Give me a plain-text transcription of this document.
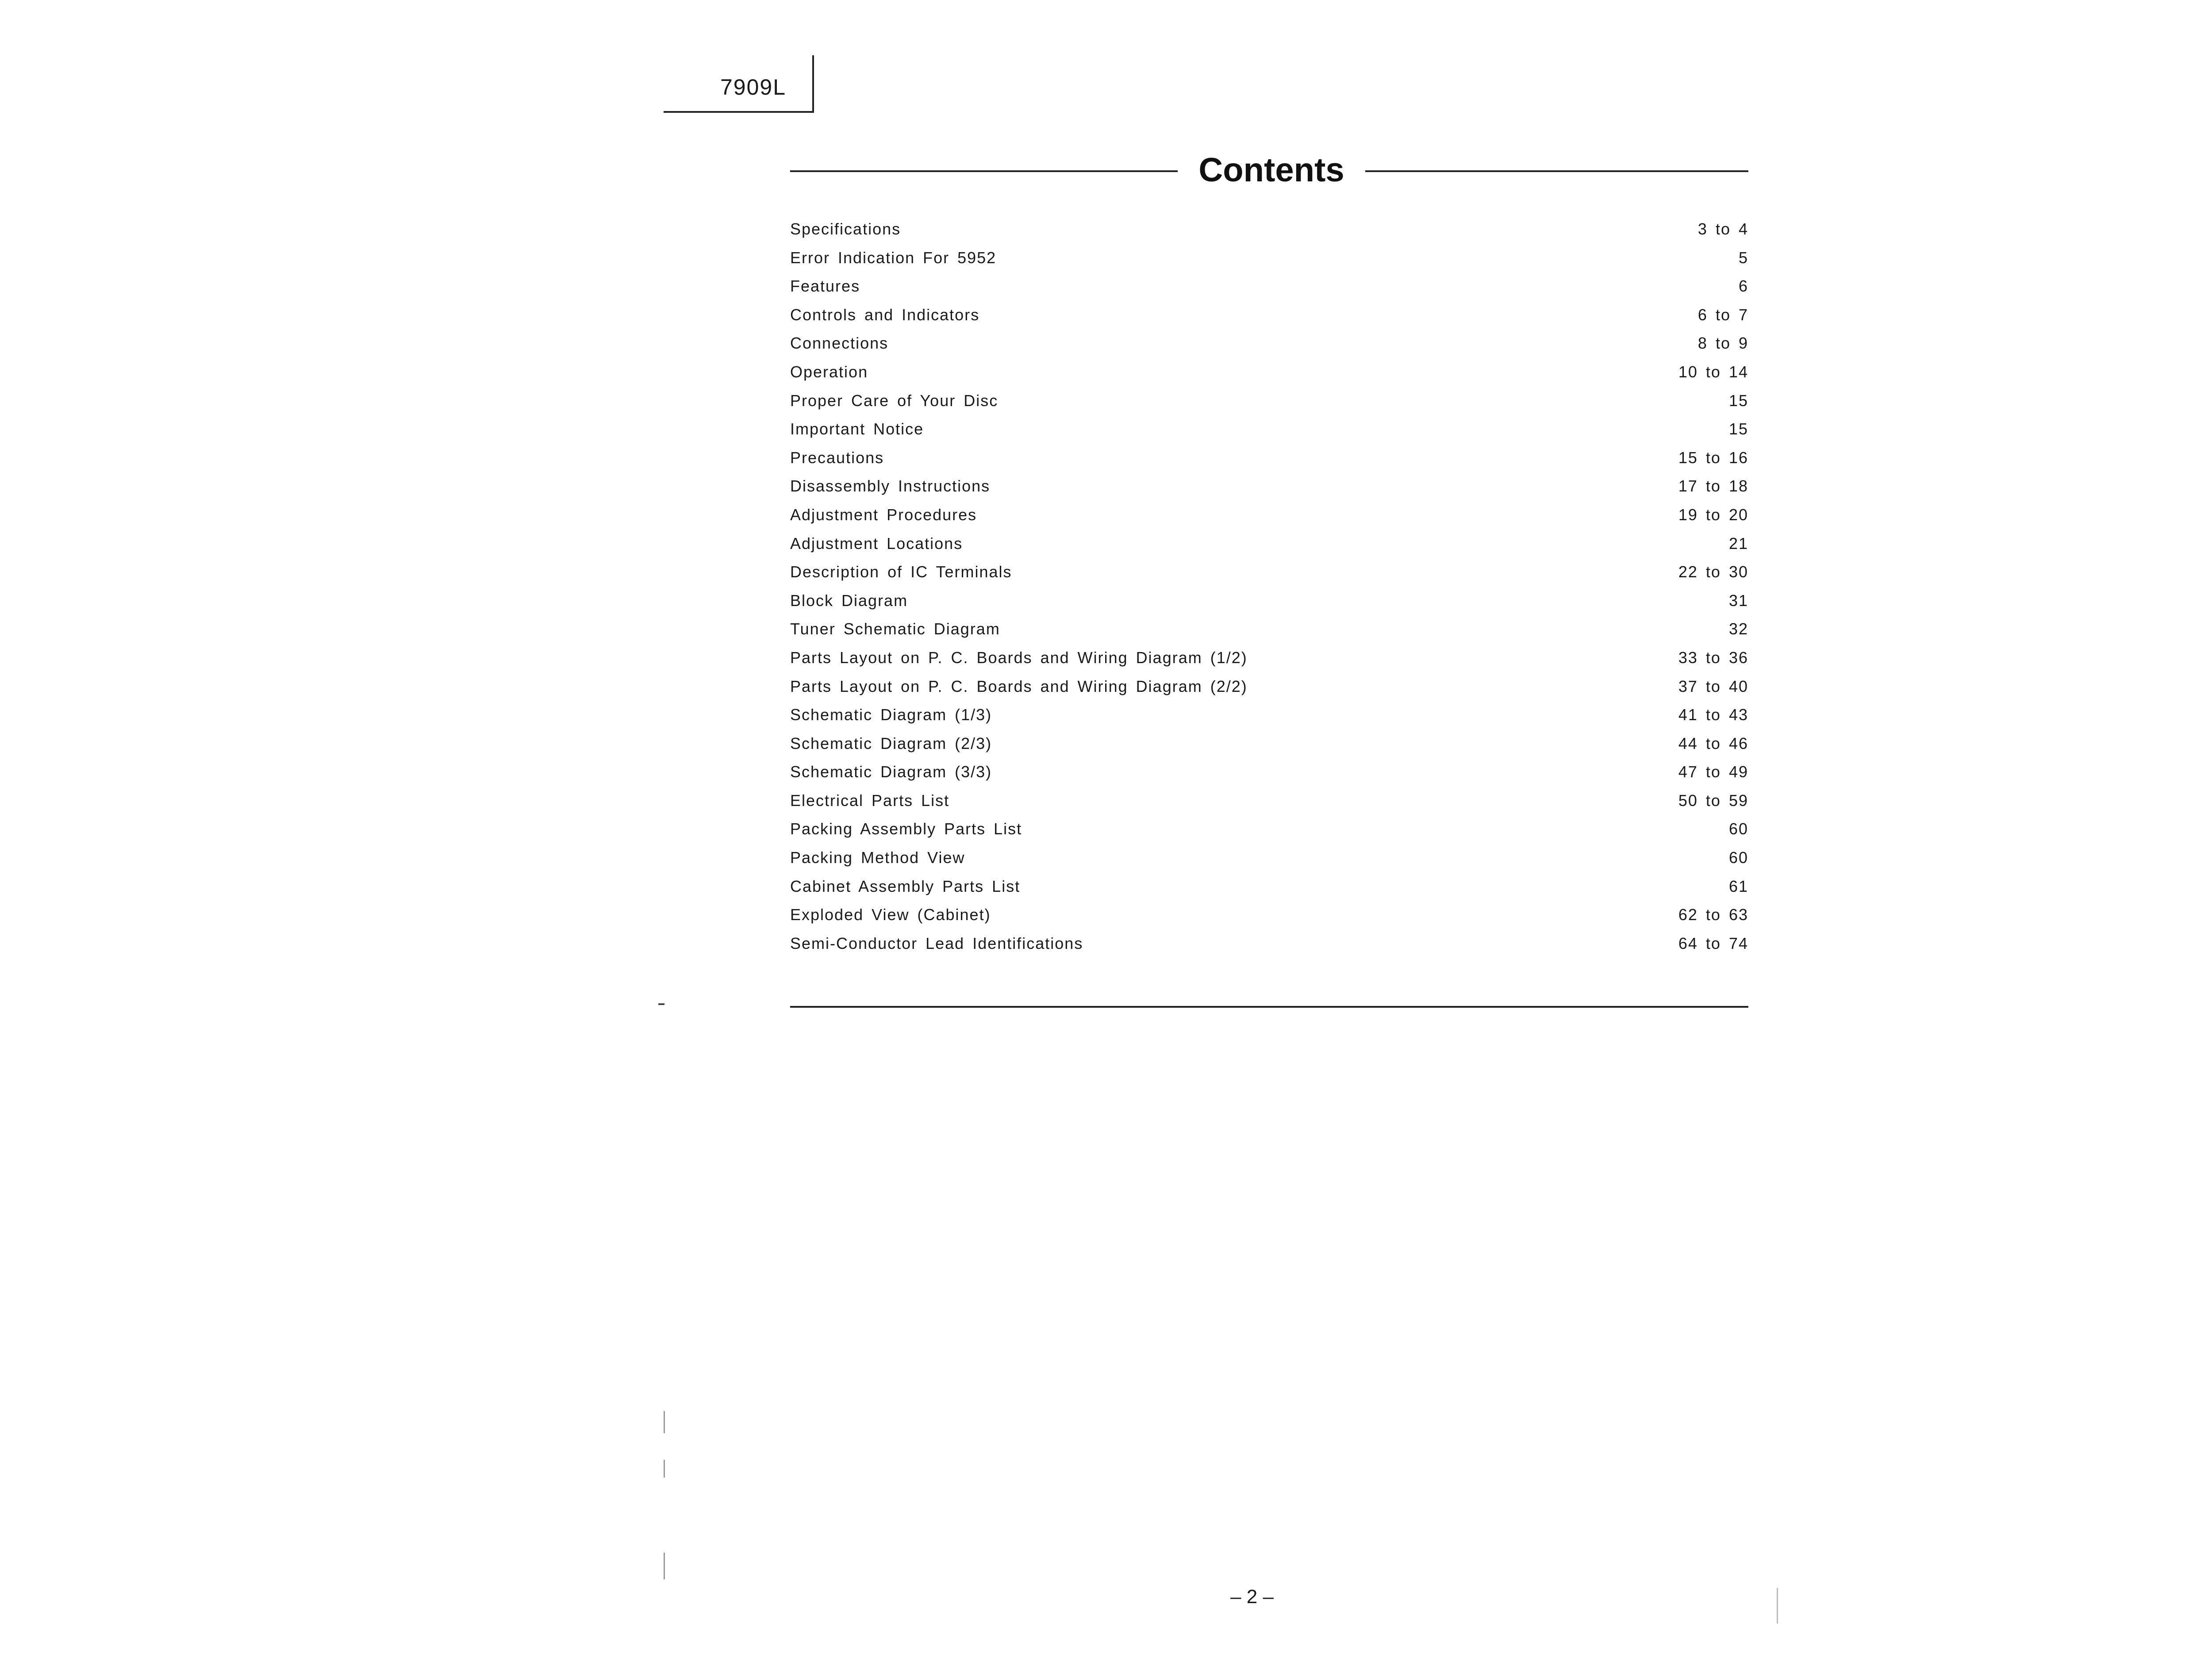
7909L
Contents
Specifications	3 to 4
Error Indication For 5952	5
Features	6
Controls and Indicators	6 to 7
Connections	8 to 9
Operation	10 to 14
Proper Care of Your Disc	15
Important Notice	15
Precautions	15 to 16
Disassembly Instructions	17 to 18
Adjustment Procedures	19 to 20
Adjustment Locations	21
Description of IC Terminals	22 to 30
Block Diagram	31
Tuner Schematic Diagram	32
Parts Layout on P. C. Boards and Wiring Diagram (1/2)	33 to 36
Parts Layout on P. C. Boards and Wiring Diagram (2/2)	37 to 40
Schematic Diagram (1/3)	41 to 43
Schematic Diagram (2/3)	44 to 46
Schematic Diagram (3/3)	47 to 49
Electrical Parts List	50 to 59
Packing Assembly Parts List	60
Packing Method View	60
Cabinet Assembly Parts List	61
Exploded View (Cabinet)	62 to 63
Semi-Conductor Lead Identifications	64 to 74
– 2 –
